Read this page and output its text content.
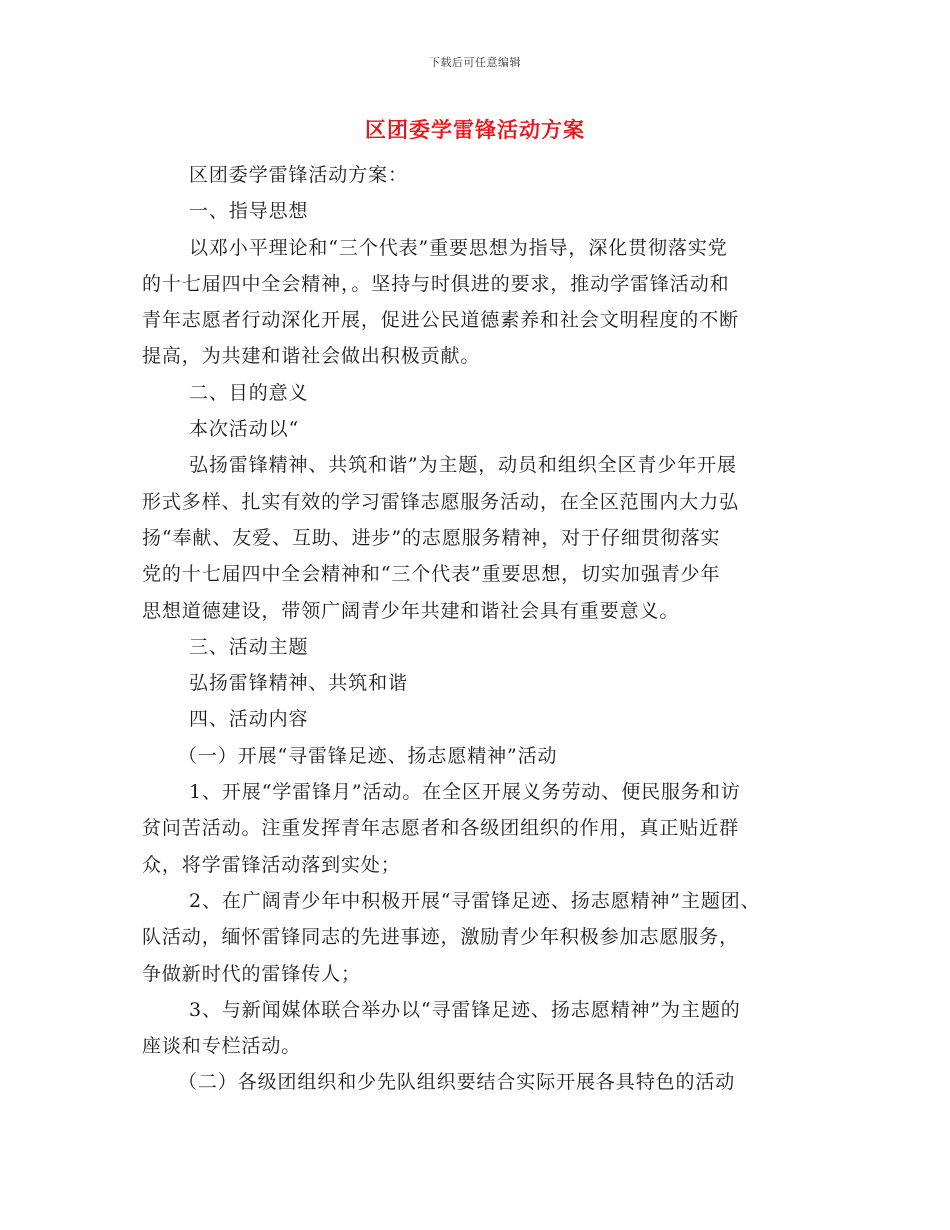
下载后可任意编辑
区团委学雷锋活动方案
区团委学雷锋活动方案：
一、指导思想
以邓小平理论和“三个代表”重要思想为指导，深化贯彻落实党
的十七届四中全会精神，。坚持与时俱进的要求，推动学雷锋活动和
青年志愿者行动深化开展，促进公民道德素养和社会文明程度的不断
提高，为共建和谐社会做出积极贡献。
二、目的意义
本次活动以“
弘扬雷锋精神、共筑和谐”为主题，动员和组织全区青少年开展
形式多样、扎实有效的学习雷锋志愿服务活动，在全区范围内大力弘
扬“奉献、友爱、互助、进步”的志愿服务精神，对于仔细贯彻落实
党的十七届四中全会精神和“三个代表”重要思想，切实加强青少年
思想道德建设，带领广阔青少年共建和谐社会具有重要意义。
三、活动主题
弘扬雷锋精神、共筑和谐
四、活动内容
（一）开展“寻雷锋足迹、扬志愿精神”活动
1、开展“学雷锋月”活动。在全区开展义务劳动、便民服务和访
贫问苦活动。注重发挥青年志愿者和各级团组织的作用，真正贴近群
众，将学雷锋活动落到实处；
2、在广阔青少年中积极开展“寻雷锋足迹、扬志愿精神”主题团、
队活动，缅怀雷锋同志的先进事迹，激励青少年积极参加志愿服务，
争做新时代的雷锋传人；
3、与新闻媒体联合举办以“寻雷锋足迹、扬志愿精神”为主题的
座谈和专栏活动。
（二）各级团组织和少先队组织要结合实际开展各具特色的活动
